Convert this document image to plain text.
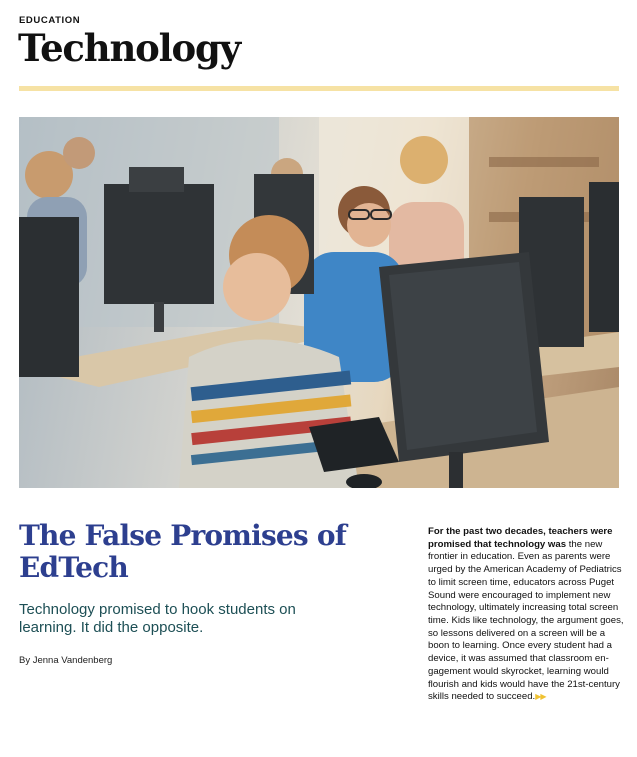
EDUCATION
Technology
The False Promises of EdTech

Technology promised to hook students on learning. It did the opposite.

By Jenna Vandenberg

For the past two decades, teachers were promised that technology was the new frontier in education. Even as parents were urged by the American Academy of Pediatrics to limit screen time, educators across Puget Sound were encouraged to implement new technology, ultimately increasing total screen time. Kids like technology, the argument goes, so lessons delivered on a screen will be a boon to learning. Once every student had a device, it was assumed that classroom en-gagement would skyrocket, learning would flourish and kids would have the 21st-century skills needed to succeed.▶▶
